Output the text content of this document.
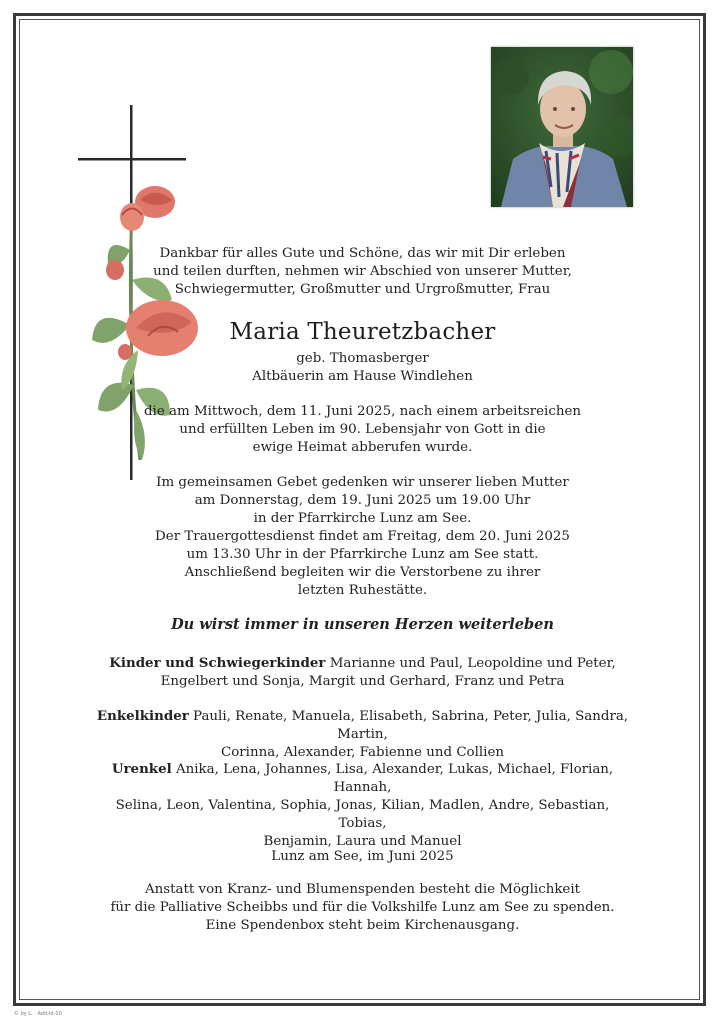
Dankbar für alles Gute und Schöne, das wir mit Dir erleben
und teilen durften, nehmen wir Abschied von unserer Mutter,
Schwiegermutter, Großmutter und Urgroßmutter, Frau
Maria Theuretzbacher
geb. Thomasberger
Altbäuerin am Hause Windlehen
die am Mittwoch, dem 11. Juni 2025, nach einem arbeitsreichen
und erfüllten Leben im 90. Lebensjahr von Gott in die
ewige Heimat abberufen wurde.
Im gemeinsamen Gebet gedenken wir unserer lieben Mutter
am Donnerstag, dem 19. Juni 2025 um 19.00 Uhr
in der Pfarrkirche Lunz am See.
Der Trauergottesdienst findet am Freitag, dem 20. Juni 2025
um 13.30 Uhr in der Pfarrkirche Lunz am See statt.
Anschließend begleiten wir die Verstorbene zu ihrer
letzten Ruhestätte.
Du wirst immer in unseren Herzen weiterleben
Kinder und Schwiegerkinder Marianne und Paul, Leopoldine und Peter,
Engelbert und Sonja, Margit und Gerhard, Franz und Petra
Enkelkinder Pauli, Renate, Manuela, Elisabeth, Sabrina, Peter, Julia, Sandra, Martin,
Corinna, Alexander, Fabienne und Collien
Urenkel Anika, Lena, Johannes, Lisa, Alexander, Lukas, Michael, Florian, Hannah,
Selina, Leon, Valentina, Sophia, Jonas, Kilian, Madlen, Andre, Sebastian, Tobias,
Benjamin, Laura und Manuel
Lunz am See, im Juni 2025
Anstatt von Kranz- und Blumenspenden besteht die Möglichkeit
für die Palliative Scheibbs und für die Volkshilfe Lunz am See zu spenden.
Eine Spendenbox steht beim Kirchenausgang.
© by L. · Add-Id-10
